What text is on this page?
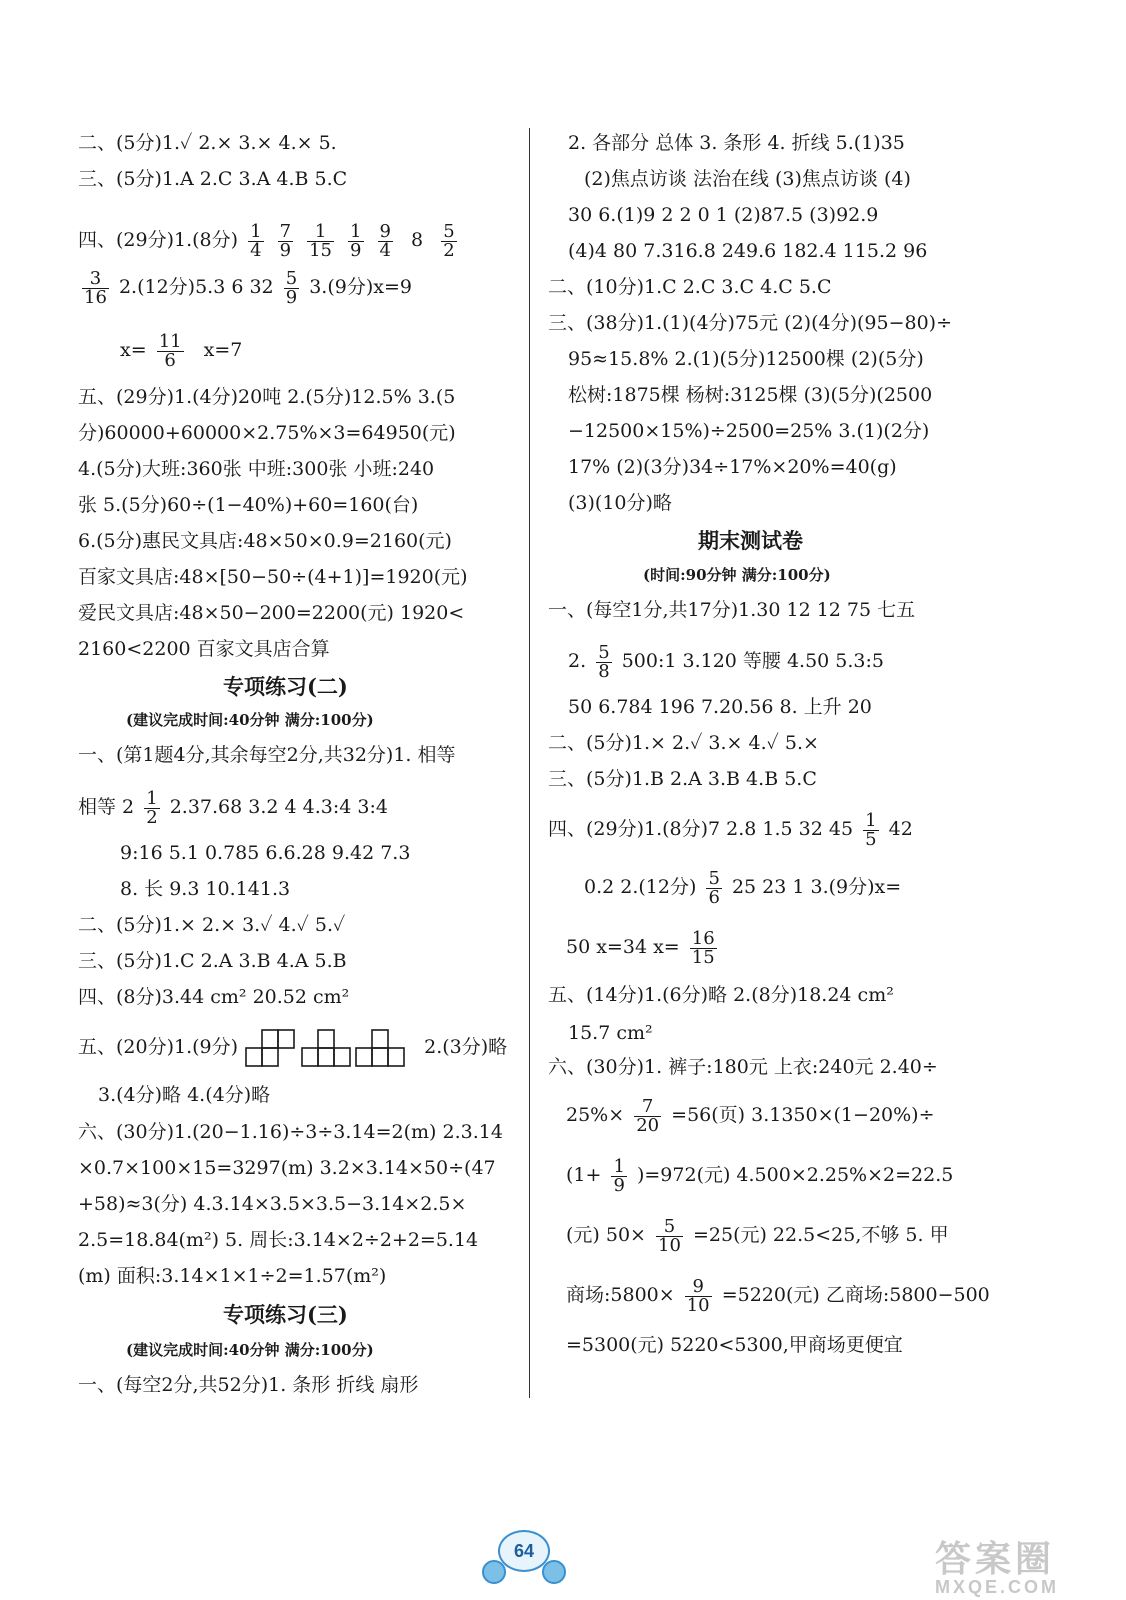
二、(5分)1.✓ 2.× 3.× 4.× 5.
三、(5分)1.A 2.C 3.A 4.B 5.C
四、(29分)1.(8分) $\frac{1}{4}$
$\frac{7}{9}$
$\frac{1}{15}$
$\frac{1}{9}$
$\frac{9}{4} 8 \frac{5}{2}$
$\frac{3}{16} 2.(12$分)5.3 6 $32 \frac{5}{9} 3.(9$分)x=9
$x= \frac{11}{6} x=7$
五、(29分)1.(4分)20吨 2.(5分)12.5% 3.(5
分)60000+60000×2.75%×3=64950(元)
4.(5分)大班:360张 中班:300张 小班:240
张 5.(5分)60÷(1−40%)+60=160(台)
6.(5分)惠民文具店:48×50×0.9=2160(元)
百家文具店:48×[50−50÷(4+1)]=1920(元)
爱民文具店:48×50−200=2200(元) 1920<
2160<2200 百家文具店合算
专项练习(二)
(建议完成时间:40分钟 满分:100分)
一、(第1题4分,其余每空2分,共32分)1. 相等
相等 $2 \frac{1}{2} 2.37.68$ 3.2 4 4.3:4 3:4
9:16 5.1 0.785 6.6.28 9.42 7.3
8. 长 9.3 10.141.3
二、(5分)1.× 2.× 3.✓ 4.✓ 5.✓
三、(5分)1.C 2.A 3.B 4.A 5.B
四、(8分)3.44 cm² 20.52 cm²
五、(20分)1.(9分)	2.(3分)略
3.(4分)略 4.(4分)略
六、(30分)1.(20−1.16)÷3÷3.14=2(m) 2.3.14
×0.7×100×15=3297(m) 3.2×3.14×50÷(47
+58)≈3(分) 4.3.14×3.5×3.5−3.14×2.5×
2.5=18.84(m²) 5. 周长:3.14×2÷2+2=5.14
(m) 面积:3.14×1×1÷2=1.57(m²)
专项练习(三)
(建议完成时间:40分钟 满分:100分)
一、(每空2分,共52分)1. 条形 折线 扇形
2. 各部分 总体 3. 条形 4. 折线 5.(1)35
(2)焦点访谈 法治在线 (3)焦点访谈 (4)
30 6.(1)9 2 2 0 1 (2)87.5 (3)92.9
(4)4 80 7.316.8 249.6 182.4 115.2 96
二、(10分)1.C 2.C 3.C 4.C 5.C
三、(38分)1.(1)(4分)75元 (2)(4分)(95−80)÷
95≈15.8% 2.(1)(5分)12500棵 (2)(5分)
松树:1875棵 杨树:3125棵 (3)(5分)(2500
−12500×15%)÷2500=25% 3.(1)(2分)
17% (2)(3分)34÷17%×20%=40(g)
(3)(10分)略
期末测试卷
(时间:90分钟 满分:100分)
一、(每空1分,共17分)1.30 12 12 75 七五
2. $\frac{5}{8}$ 500:1 3.120 等腰 4.50 5.3:5
50 6.784 196 7.20.56 8. 上升 20
二、(5分)1.× 2.✓ 3.× 4.✓ 5.×
三、(5分)1.B 2.A 3.B 4.B 5.C
四、(29分)1.(8分)7 2.8 1.5 32 $45 \frac{1}{5} 42$
0.2 2.(12分) $\frac{5}{6} 25$ 23 1 3.(9分)x=
50 x=34 $x= \frac{16}{15}$
五、(14分)1.(6分)略 2.(8分)18.24 cm²
15.7 cm²
六、(30分)1. 裤子:180元 上衣:240元 2.40÷
$25\%\times \frac{7}{20} =56$(页) 3.1350×(1−20%)÷
$(1+ \frac{1}{9} )=972$(元) 4.500×2.25%×2=22.5
(元) $50\times \frac{5}{10} =25$(元) 22.5<25,不够 5. 甲
商场:5800× $\frac{9}{10} =5220$(元) 乙商场:5800−500
=5300(元) 5220<5300,甲商场更便宜
64	答案圈
MXQE.COM
